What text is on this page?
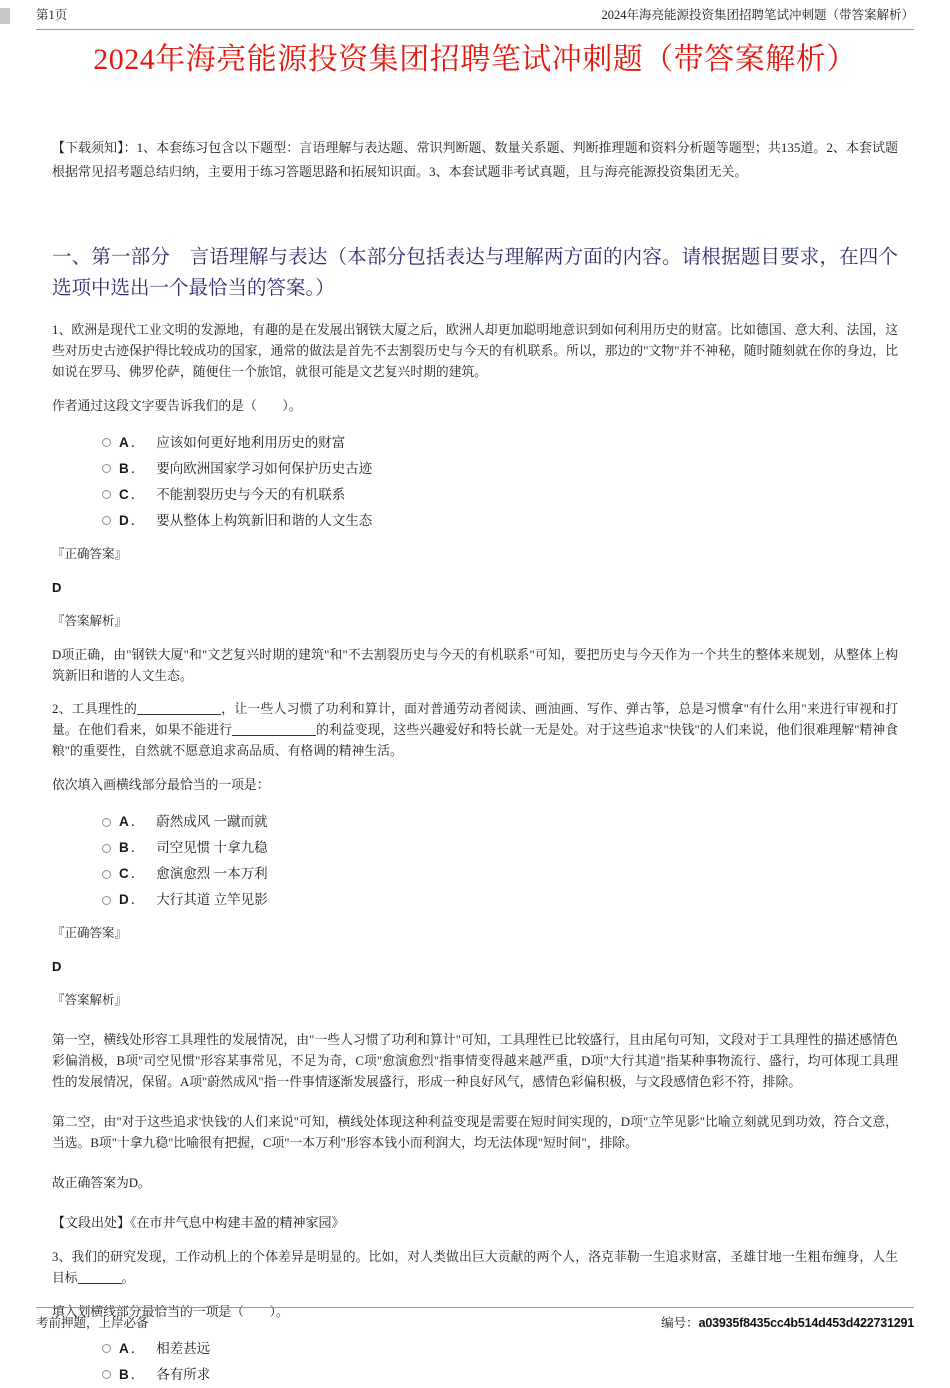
第1页	2024年海亮能源投资集团招聘笔试冲刺题（带答案解析）
2024年海亮能源投资集团招聘笔试冲刺题（带答案解析）

【下载须知】：1、本套练习包含以下题型：言语理解与表达题、常识判断题、数量关系题、判断推理题和资料分析题等题型；共135道。2、本套试题根据常见招考题总结归纳，主要用于练习答题思路和拓展知识面。3、本套试题非考试真题，且与海亮能源投资集团无关。

一、第一部分　言语理解与表达（本部分包括表达与理解两方面的内容。请根据题目要求，在四个选项中选出一个最恰当的答案。）

1、欧洲是现代工业文明的发源地，有趣的是在发展出钢铁大厦之后，欧洲人却更加聪明地意识到如何利用历史的财富。比如德国、意大利、法国，这些对历史古迹保护得比较成功的国家，通常的做法是首先不去割裂历史与今天的有机联系。所以，那边的"文物"并不神秘，随时随刻就在你的身边，比如说在罗马、佛罗伦萨，随便住一个旅馆，就很可能是文艺复兴时期的建筑。

作者通过这段文字要告诉我们的是（　　）。

A ． 应该如何更好地利用历史的财富
B ． 要向欧洲国家学习如何保护历史古迹
C ． 不能割裂历史与今天的有机联系
D ． 要从整体上构筑新旧和谐的人文生态

『正确答案』

D

『答案解析』

D项正确，由"钢铁大厦"和"文艺复兴时期的建筑"和"不去割裂历史与今天的有机联系"可知，要把历史与今天作为一个共生的整体来规划，从整体上构筑新旧和谐的人文生态。

2、工具理性的	，让一些人习惯了功利和算计，面对普通劳动者阅读、画油画、写作、弹古筝，总是习惯拿"有什么用"来进行审视和打量。在他们看来，如果不能进行	的利益变现，这些兴趣爱好和特长就一无是处。对于这些追求"快钱"的人们来说，他们很难理解"精神食粮"的重要性，自然就不愿意追求高品质、有格调的精神生活。

依次填入画横线部分最恰当的一项是：

A ． 蔚然成风 一蹴而就
B ． 司空见惯 十拿九稳
C ． 愈演愈烈 一本万利
D ． 大行其道 立竿见影

『正确答案』

D

『答案解析』

第一空，横线处形容工具理性的发展情况，由"一些人习惯了功利和算计"可知，工具理性已比较盛行，且由尾句可知，文段对于工具理性的描述感情色彩偏消极，B项"司空见惯"形容某事常见，不足为奇，C项"愈演愈烈"指事情变得越来越严重，D项"大行其道"指某种事物流行、盛行，均可体现工具理性的发展情况，保留。A项"蔚然成风"指一件事情逐渐发展盛行，形成一种良好风气，感情色彩偏积极，与文段感情色彩不符，排除。

第二空，由"对于这些追求'快钱'的人们来说"可知，横线处体现这种利益变现是需要在短时间实现的，D项"立竿见影"比喻立刻就见到功效，符合文意，当选。B项"十拿九稳"比喻很有把握，C项"一本万利"形容本钱小而利润大，均无法体现"短时间"，排除。

故正确答案为D。

【文段出处】《在市井气息中构建丰盈的精神家园》

3、我们的研究发现，工作动机上的个体差异是明显的。比如，对人类做出巨大贡献的两个人，洛克菲勒一生追求财富，圣雄甘地一生粗布缠身，人生目标	。

填入划横线部分最恰当的一项是（　　）。

A ． 相差甚远
B ． 各有所求
考前押题，上岸必备	编号：a03935f8435cc4b514d453d422731291
